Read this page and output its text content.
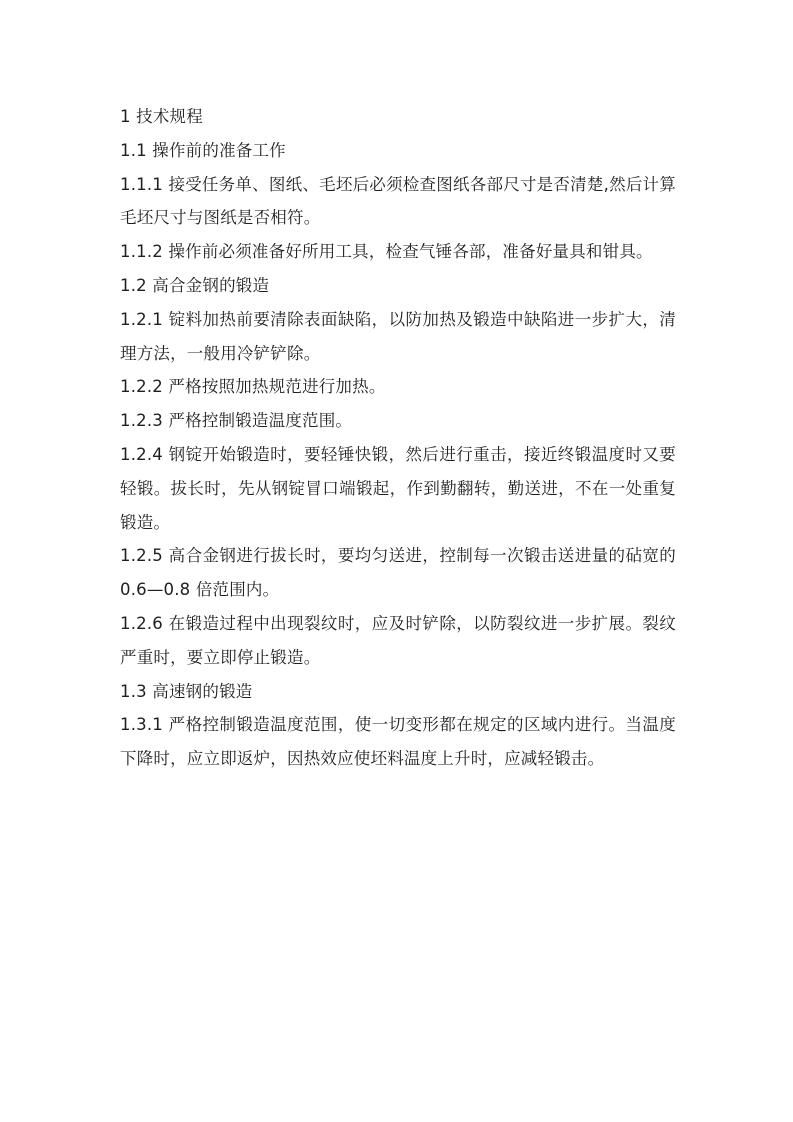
1 技术规程

1.1 操作前的准备工作

1.1.1 接受任务单、图纸、毛坯后必须检查图纸各部尺寸是否清楚,然后计算毛坯尺寸与图纸是否相符。

1.1.2 操作前必须准备好所用工具，检查气锤各部，准备好量具和钳具。

1.2 高合金钢的锻造

1.2.1 锭料加热前要清除表面缺陷，以防加热及锻造中缺陷进一步扩大，清理方法，一般用冷铲铲除。

1.2.2 严格按照加热规范进行加热。

1.2.3 严格控制锻造温度范围。

1.2.4 钢锭开始锻造时，要轻锤快锻，然后进行重击，接近终锻温度时又要轻锻。拔长时，先从钢锭冒口端锻起，作到勤翻转，勤送进，不在一处重复锻造。

1.2.5 高合金钢进行拔长时，要均匀送进，控制每一次锻击送进量的砧宽的 0.6—0.8 倍范围内。

1.2.6 在锻造过程中出现裂纹时，应及时铲除，以防裂纹进一步扩展。裂纹严重时，要立即停止锻造。

1.3 高速钢的锻造

1.3.1 严格控制锻造温度范围，使一切变形都在规定的区域内进行。当温度下降时，应立即返炉，因热效应使坯料温度上升时，应减轻锻击。
